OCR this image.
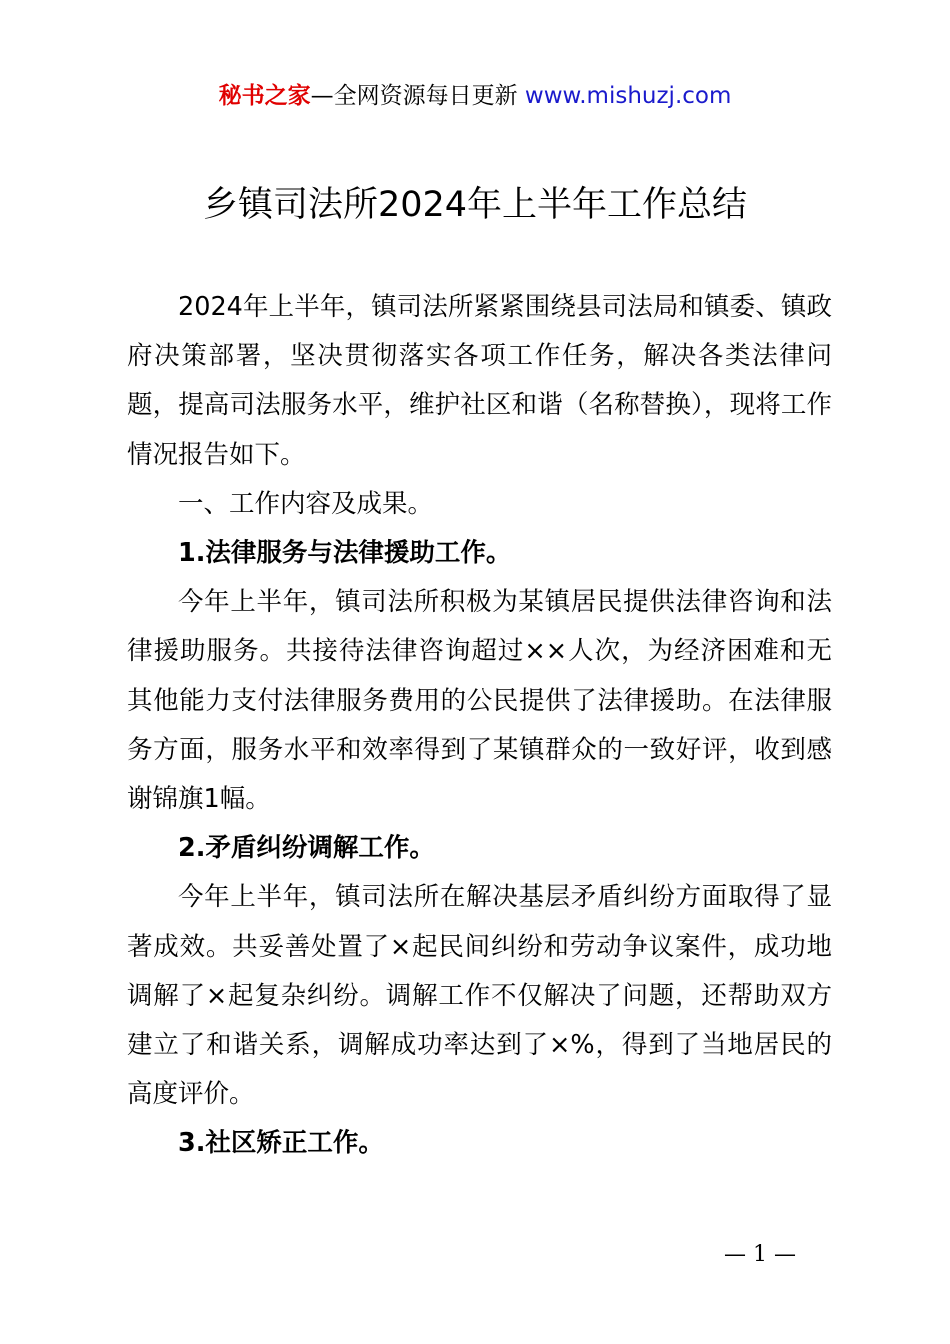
秘书之家—全网资源每日更新 www.mishuzj.com
乡镇司法所2024年上半年工作总结

2024年上半年，镇司法所紧紧围绕县司法局和镇委、镇政府决策部署，坚决贯彻落实各项工作任务，解决各类法律问题，提高司法服务水平，维护社区和谐（名称替换），现将工作情况报告如下。

一、工作内容及成果。

1.法律服务与法律援助工作。

今年上半年，镇司法所积极为某镇居民提供法律咨询和法律援助服务。共接待法律咨询超过××人次，为经济困难和无其他能力支付法律服务费用的公民提供了法律援助。在法律服务方面，服务水平和效率得到了某镇群众的一致好评，收到感谢锦旗1幅。

2.矛盾纠纷调解工作。

今年上半年，镇司法所在解决基层矛盾纠纷方面取得了显著成效。共妥善处置了×起民间纠纷和劳动争议案件，成功地调解了×起复杂纠纷。调解工作不仅解决了问题，还帮助双方建立了和谐关系，调解成功率达到了×%，得到了当地居民的高度评价。

3.社区矫正工作。

— 1 —
